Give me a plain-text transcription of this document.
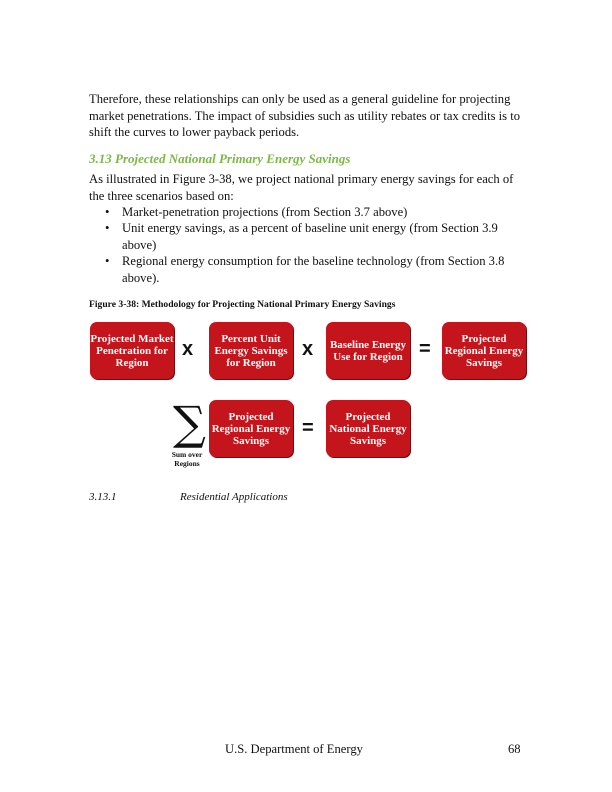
Therefore, these relationships can only be used as a general guideline for projecting market penetrations. The impact of subsidies such as utility rebates or tax credits is to shift the curves to lower payback periods.
3.13 Projected National Primary Energy Savings
As illustrated in Figure 3-38, we project national primary energy savings for each of the three scenarios based on:
• Market-penetration projections (from Section 3.7 above)
• Unit energy savings, as a percent of baseline unit energy (from Section 3.9 above)
• Regional energy consumption for the baseline technology (from Section 3.8 above).
Figure 3-38: Methodology for Projecting National Primary Energy Savings
Projected Market Penetration for Region
x	Percent Unit Energy Savings for Region
x	Baseline Energy Use for Region =	Projected Regional Energy Savings
∑
Sum over Regions
Projected Regional Energy Savings
=
Projected National Energy Savings
3.13.1	Residential Applications
U.S. Department of Energy	68
